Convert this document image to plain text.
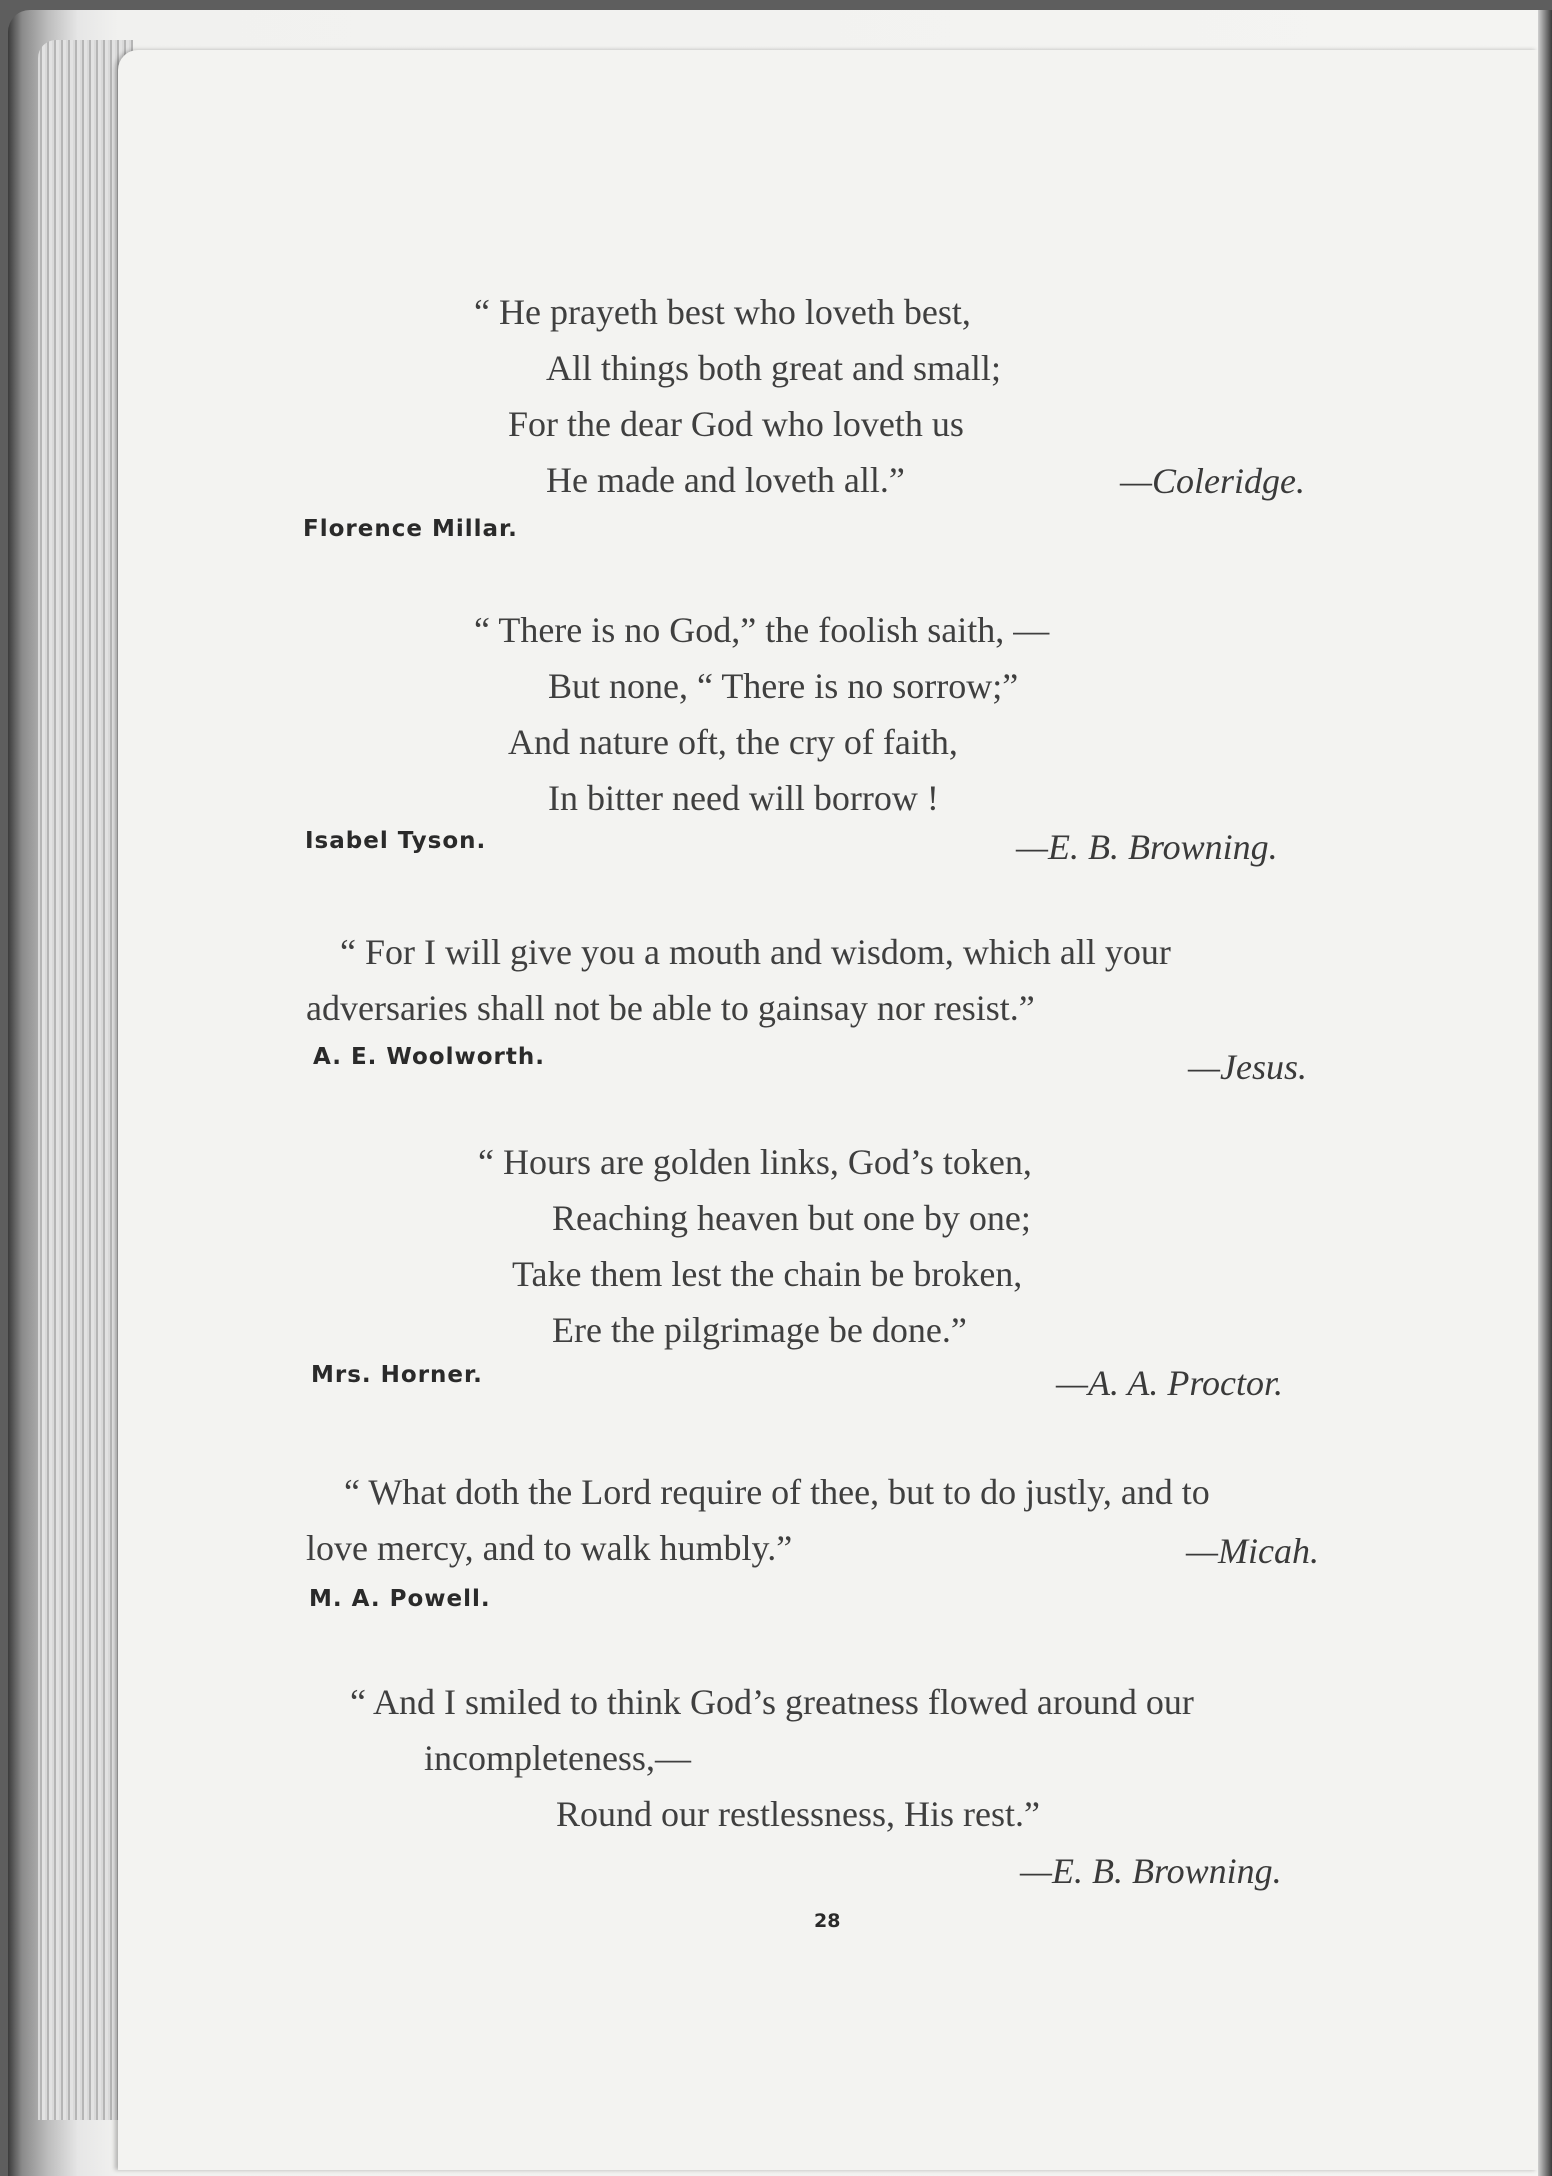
“ He prayeth best who loveth best,
All things both great and small;
For the dear God who loveth us
He made and loveth all.”	—Coleridge.
Florence Millar.
“ There is no God,” the foolish saith, —
But none, “ There is no sorrow;”
And nature oft, the cry of faith,
In bitter need will borrow !
Isabel Tyson.	—E. B. Browning.
“ For I will give you a mouth and wisdom, which all your
adversaries shall not be able to gainsay nor resist.”
A. E. Woolworth.	—Jesus.
“ Hours are golden links, God’s token,
Reaching heaven but one by one;
Take them lest the chain be broken,
Ere the pilgrimage be done.”
Mrs. Horner.	—A. A. Proctor.
“ What doth the Lord require of thee, but to do justly, and to
love mercy, and to walk humbly.”	—Micah.
M. A. Powell.
“ And I smiled to think God’s greatness flowed around our
incompleteness,—
Round our restlessness, His rest.”
—E. B. Browning.
28
